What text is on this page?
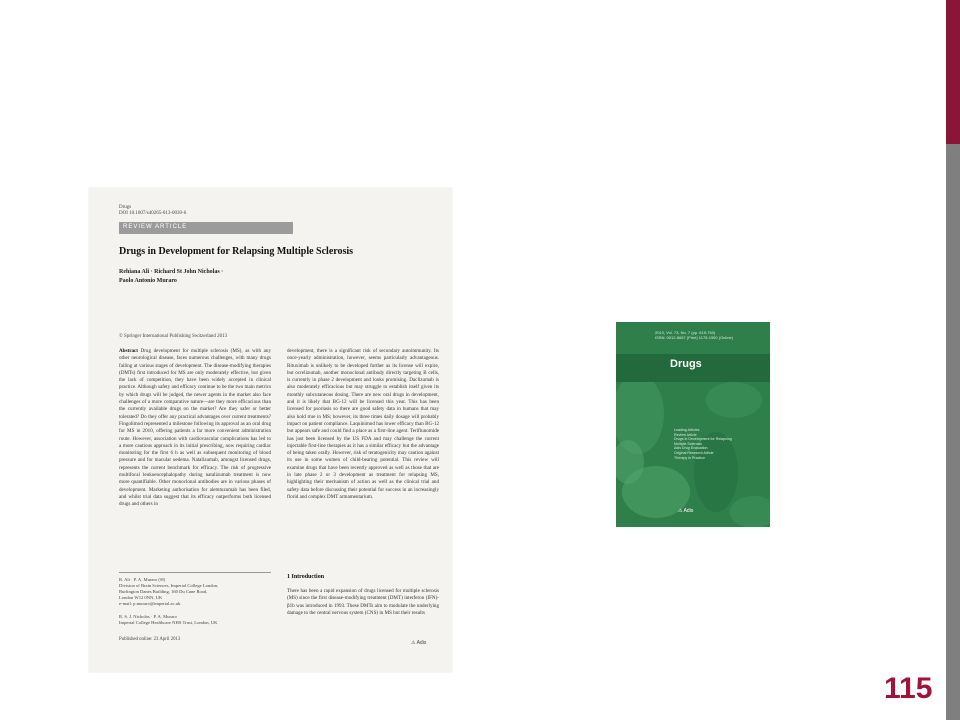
Drugs
DOI 10.1007/s40265-013-0030-6
REVIEW ARTICLE
Drugs in Development for Relapsing Multiple Sclerosis
Rehiana Ali · Richard St John Nicholas ·
Paolo Antonio Muraro
© Springer International Publishing Switzerland 2013
Abstract Drug development for multiple sclerosis (MS), as with any other neurological disease, faces numerous challenges, with many drugs failing at various stages of development. The disease-modifying therapies (DMTs) first introduced for MS are only moderately effective, but given the lack of competition, they have been widely accepted in clinical practice. Although safety and efficacy continue to be the two main metrics by which drugs will be judged, the newer agents in the market also face challenges of a more comparative nature—are they more efficacious than the currently available drugs on the market? Are they safer or better tolerated? Do they offer any practical advantages over current treatments? Fingolimod represented a milestone following its approval as an oral drug for MS in 2010, offering patients a far more convenient administration route. However, association with cardiovascular complications has led to a more cautious approach in its initial prescribing, now requiring cardiac monitoring for the first 6 h as well as subsequent monitoring of blood pressure and for macular oedema. Natalizumab, amongst licensed drugs, represents the current benchmark for efficacy. The risk of progressive multifocal leukoencephalopathy during natalizumab treatment is now more quantifiable. Other monoclonal antibodies are in various phases of development. Marketing authorisation for alemtuzumab has been filed, and whilst trial data suggest that its efficacy outperforms both licensed drugs and others in
development, there is a significant risk of secondary autoimmunity. Its once-yearly administration, however, seems particularly advantageous. Rituximab is unlikely to be developed further as its license will expire, but ocrelizumab, another monoclonal antibody directly targeting B cells, is currently in phase 2 development and looks promising. Daclizumab is also moderately efficacious but may struggle to establish itself given its monthly subcutaneous dosing. There are new oral drugs in development, and it is likely that BG-12 will be licensed this year. This has been licensed for psoriasis so there are good safety data in humans that may also hold true in MS; however, its three times daily dosage will probably impact on patient compliance. Laquinimod has lower efficacy than BG-12 but appears safe and could find a place as a first-line agent. Teriflunomide has just been licensed by the US FDA and may challenge the current injectable first-line therapies as it has a similar efficacy but the advantage of being taken orally. However, risk of teratogenicity may caution against its use in some women of child-bearing potential. This review will examine drugs that have been recently approved as well as those that are in late phase 2 or 3 development as treatment for relapsing MS, highlighting their mechanism of action as well as the clinical trial and safety data before discussing their potential for success in an increasingly florid and complex DMT armamentarium.
R. Ali · P. A. Muraro (✉)
Division of Brain Sciences, Imperial College London,
Burlington Danes Building, 160 Du Cane Road,
London W12 0NN, UK
e-mail: p.muraro@imperial.ac.uk

R. S. J. Nicholas · P. A. Muraro
Imperial College Healthcare NHS Trust, London, UK
Published online: 23 April 2013
1 Introduction
There has been a rapid expansion of drugs licensed for multiple sclerosis (MS) since the first disease-modifying treatment (DMT) interferon (IFN)-β1b was introduced in 1993. These DMTs aim to modulate the underlying damage to the central nervous system (CNS) in MS but their results
⚠ Adis
2013, Vol. 73, No. 7 (pp. 615-760)
ISSN: 0012-6667 (Print) 1179-1950 (Online)
Drugs
Leading Articles
Review Article
Drugs in Development for Relapsing
Multiple Sclerosis
Adis Drug Evaluation
Original Research Article
Therapy in Practice
⚠ Adis
115
